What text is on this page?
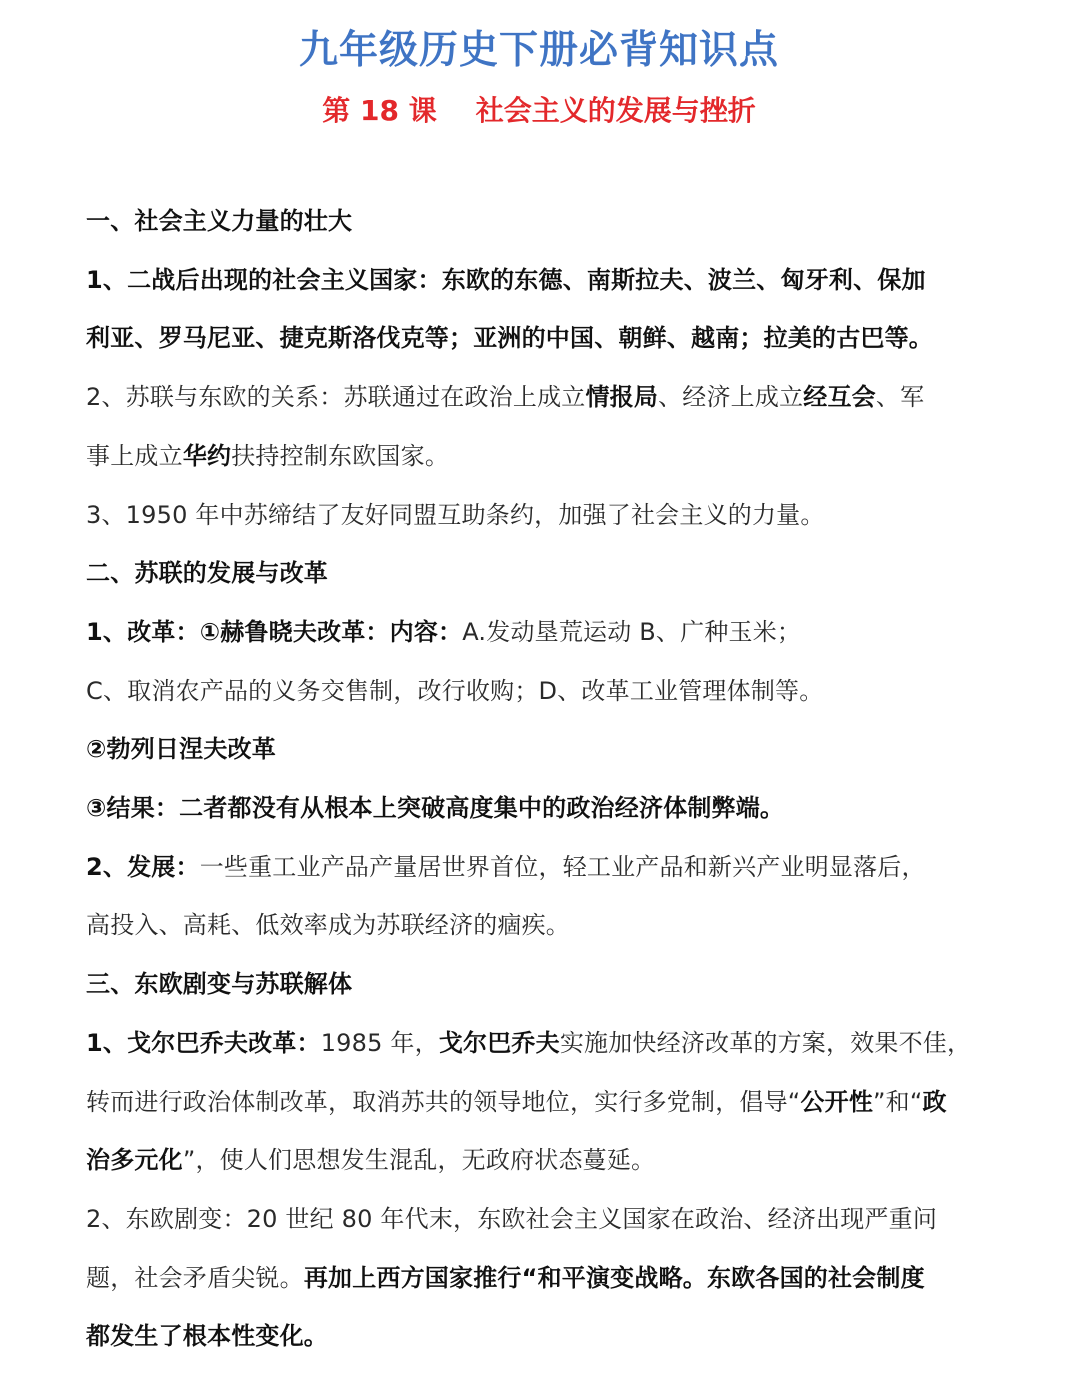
九年级历史下册必背知识点
第 18 课    社会主义的发展与挫折
一、社会主义力量的壮大
1、二战后出现的社会主义国家：东欧的东德、南斯拉夫、波兰、匈牙利、保加
利亚、罗马尼亚、捷克斯洛伐克等；亚洲的中国、朝鲜、越南；拉美的古巴等。
2、苏联与东欧的关系：苏联通过在政治上成立情报局、经济上成立经互会、军
事上成立华约扶持控制东欧国家。
3、1950 年中苏缔结了友好同盟互助条约，加强了社会主义的力量。
二、苏联的发展与改革
1、改革：①赫鲁晓夫改革：内容：A.发动垦荒运动 B、广种玉米；
C、取消农产品的义务交售制，改行收购；D、改革工业管理体制等。
②勃列日涅夫改革
③结果：二者都没有从根本上突破高度集中的政治经济体制弊端。
2、发展：一些重工业产品产量居世界首位，轻工业产品和新兴产业明显落后，
高投入、高耗、低效率成为苏联经济的痼疾。
三、东欧剧变与苏联解体
1、戈尔巴乔夫改革：1985 年，戈尔巴乔夫实施加快经济改革的方案，效果不佳，
转而进行政治体制改革，取消苏共的领导地位，实行多党制，倡导“公开性”和“政
治多元化”，使人们思想发生混乱，无政府状态蔓延。
2、东欧剧变：20 世纪 80 年代末，东欧社会主义国家在政治、经济出现严重问
题，社会矛盾尖锐。再加上西方国家推行“和平演变战略。东欧各国的社会制度
都发生了根本性变化。
